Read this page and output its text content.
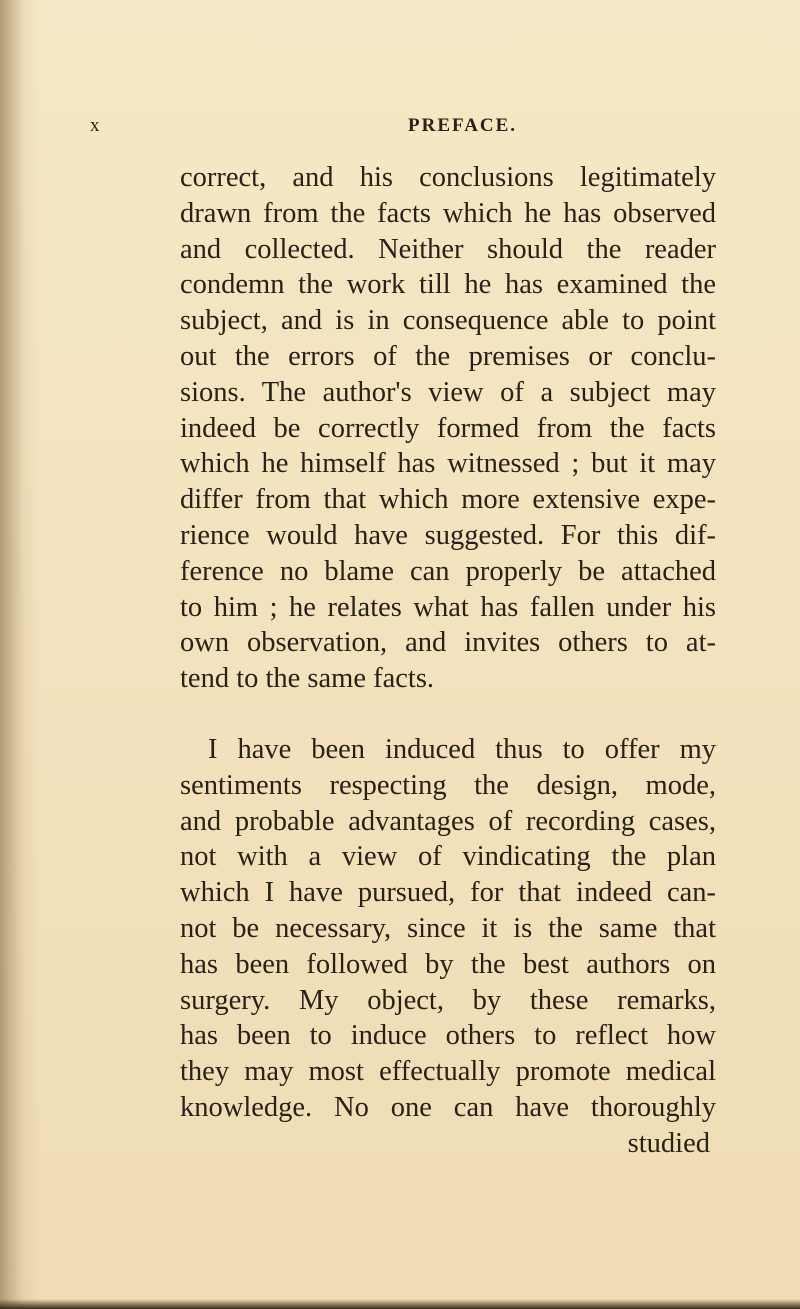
x	PREFACE.
correct, and his conclusions legitimately
drawn from the facts which he has observed
and collected. Neither should the reader
condemn the work till he has examined the
subject, and is in consequence able to point
out the errors of the premises or conclu-
sions. The author's view of a subject may
indeed be correctly formed from the facts
which he himself has witnessed ; but it may
differ from that which more extensive expe-
rience would have suggested. For this dif-
ference no blame can properly be attached
to him ; he relates what has fallen under his
own observation, and invites others to at-
tend to the same facts.
I have been induced thus to offer my
sentiments respecting the design, mode,
and probable advantages of recording cases,
not with a view of vindicating the plan
which I have pursued, for that indeed can-
not be necessary, since it is the same that
has been followed by the best authors on
surgery. My object, by these remarks,
has been to induce others to reflect how
they may most effectually promote medical
knowledge. No one can have thoroughly
studied
